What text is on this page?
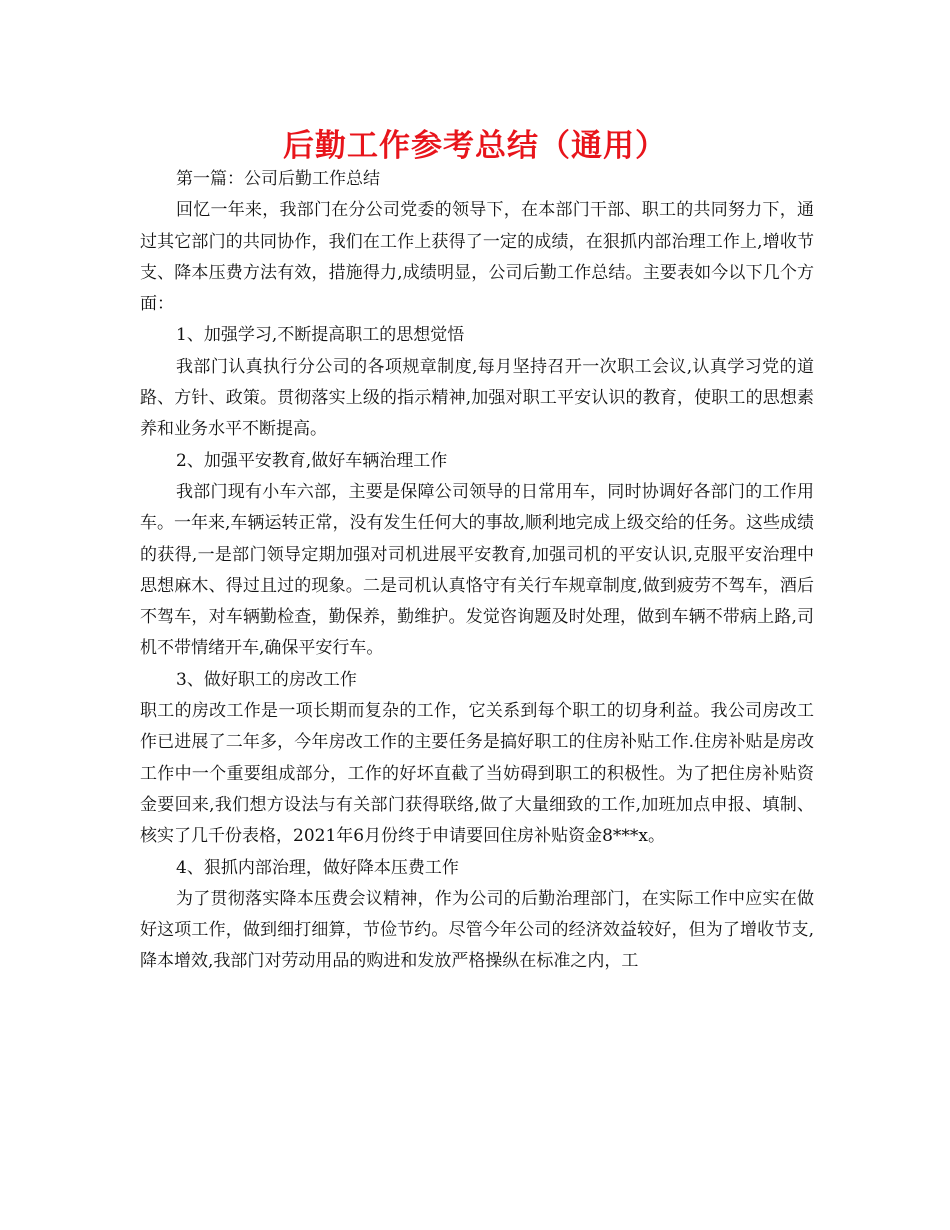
后勤工作参考总结（通用）

第一篇：公司后勤工作总结

回忆一年来，我部门在分公司党委的领导下，在本部门干部、职工的共同努力下，通过其它部门的共同协作，我们在工作上获得了一定的成绩，在狠抓内部治理工作上,增收节支、降本压费方法有效，措施得力,成绩明显，公司后勤工作总结。主要表如今以下几个方面：

1、加强学习,不断提高职工的思想觉悟

我部门认真执行分公司的各项规章制度,每月坚持召开一次职工会议,认真学习党的道路、方针、政策。贯彻落实上级的指示精神,加强对职工平安认识的教育，使职工的思想素养和业务水平不断提高。

2、加强平安教育,做好车辆治理工作

我部门现有小车六部，主要是保障公司领导的日常用车，同时协调好各部门的工作用车。一年来,车辆运转正常，没有发生任何大的事故,顺利地完成上级交给的任务。这些成绩的获得,一是部门领导定期加强对司机进展平安教育,加强司机的平安认识,克服平安治理中思想麻木、得过且过的现象。二是司机认真恪守有关行车规章制度,做到疲劳不驾车，酒后不驾车，对车辆勤检查，勤保养，勤维护。发觉咨询题及时处理，做到车辆不带病上路,司机不带情绪开车,确保平安行车。

3、做好职工的房改工作

职工的房改工作是一项长期而复杂的工作，它关系到每个职工的切身利益。我公司房改工作已进展了二年多，今年房改工作的主要任务是搞好职工的住房补贴工作.住房补贴是房改工作中一个重要组成部分，工作的好坏直截了当妨碍到职工的积极性。为了把住房补贴资金要回来,我们想方设法与有关部门获得联络,做了大量细致的工作,加班加点申报、填制、核实了几千份表格，2021年6月份终于申请要回住房补贴资金8***x。

4、狠抓内部治理，做好降本压费工作

为了贯彻落实降本压费会议精神，作为公司的后勤治理部门，在实际工作中应实在做好这项工作，做到细打细算，节俭节约。尽管今年公司的经济效益较好，但为了增收节支,降本增效,我部门对劳动用品的购进和发放严格操纵在标准之内，工
